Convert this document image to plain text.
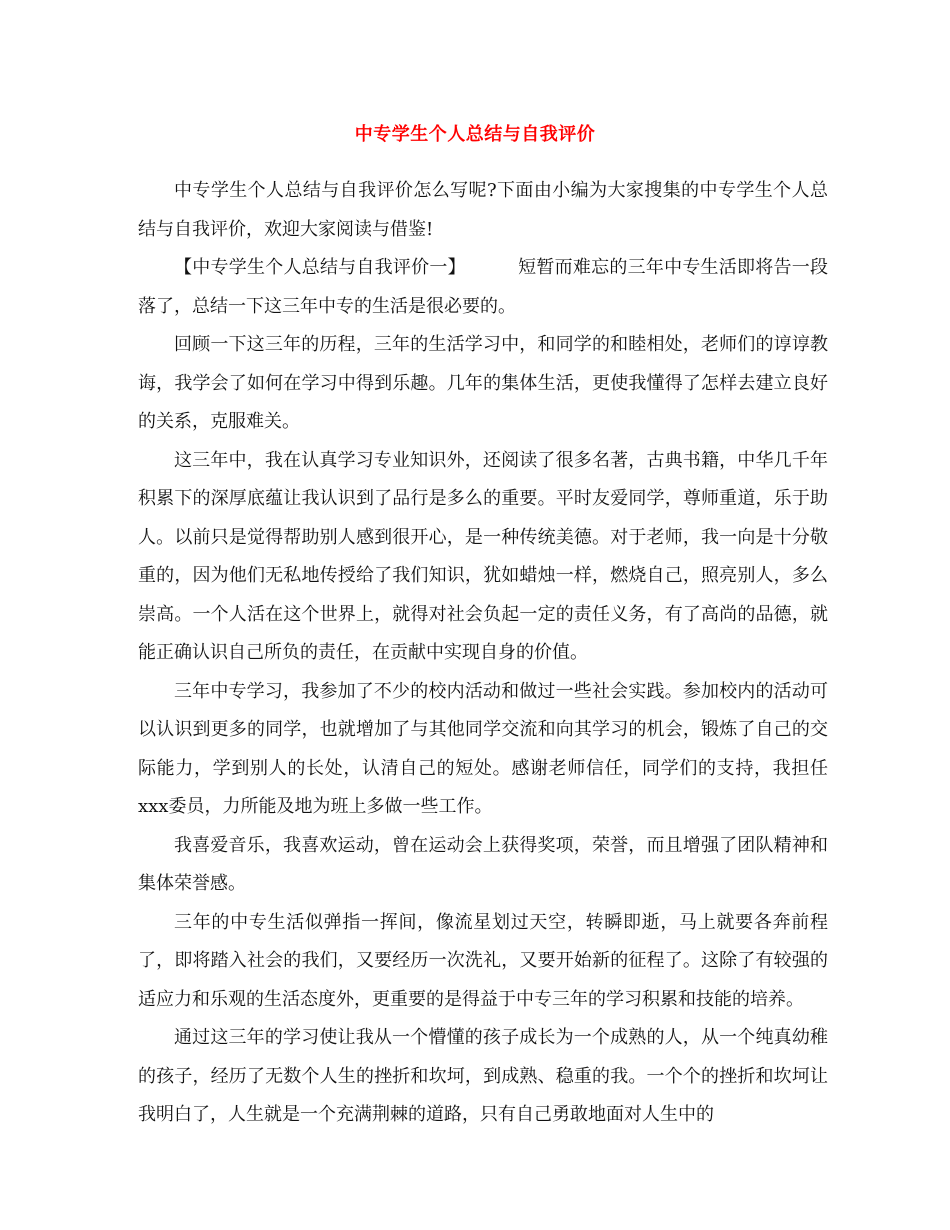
中专学生个人总结与自我评价

中专学生个人总结与自我评价怎么写呢?下面由小编为大家搜集的中专学生个人总结与自我评价，欢迎大家阅读与借鉴!

【中专学生个人总结与自我评价一】	短暂而难忘的三年中专生活即将告一段落了，总结一下这三年中专的生活是很必要的。

回顾一下这三年的历程，三年的生活学习中，和同学的和睦相处，老师们的谆谆教诲，我学会了如何在学习中得到乐趣。几年的集体生活，更使我懂得了怎样去建立良好的关系，克服难关。

这三年中，我在认真学习专业知识外，还阅读了很多名著，古典书籍，中华几千年积累下的深厚底蕴让我认识到了品行是多么的重要。平时友爱同学，尊师重道，乐于助人。以前只是觉得帮助别人感到很开心，是一种传统美德。对于老师，我一向是十分敬重的，因为他们无私地传授给了我们知识，犹如蜡烛一样，燃烧自己，照亮别人，多么崇高。一个人活在这个世界上，就得对社会负起一定的责任义务，有了高尚的品德，就能正确认识自己所负的责任，在贡献中实现自身的价值。

三年中专学习，我参加了不少的校内活动和做过一些社会实践。参加校内的活动可以认识到更多的同学，也就增加了与其他同学交流和向其学习的机会，锻炼了自己的交际能力，学到别人的长处，认清自己的短处。感谢老师信任，同学们的支持，我担任xxx委员，力所能及地为班上多做一些工作。

我喜爱音乐，我喜欢运动，曾在运动会上获得奖项，荣誉，而且增强了团队精神和集体荣誉感。

三年的中专生活似弹指一挥间，像流星划过天空，转瞬即逝，马上就要各奔前程了，即将踏入社会的我们，又要经历一次洗礼，又要开始新的征程了。这除了有较强的适应力和乐观的生活态度外，更重要的是得益于中专三年的学习积累和技能的培养。

通过这三年的学习使让我从一个懵懂的孩子成长为一个成熟的人，从一个纯真幼稚的孩子，经历了无数个人生的挫折和坎坷，到成熟、稳重的我。一个个的挫折和坎坷让我明白了，人生就是一个充满荆棘的道路，只有自己勇敢地面对人生中的
